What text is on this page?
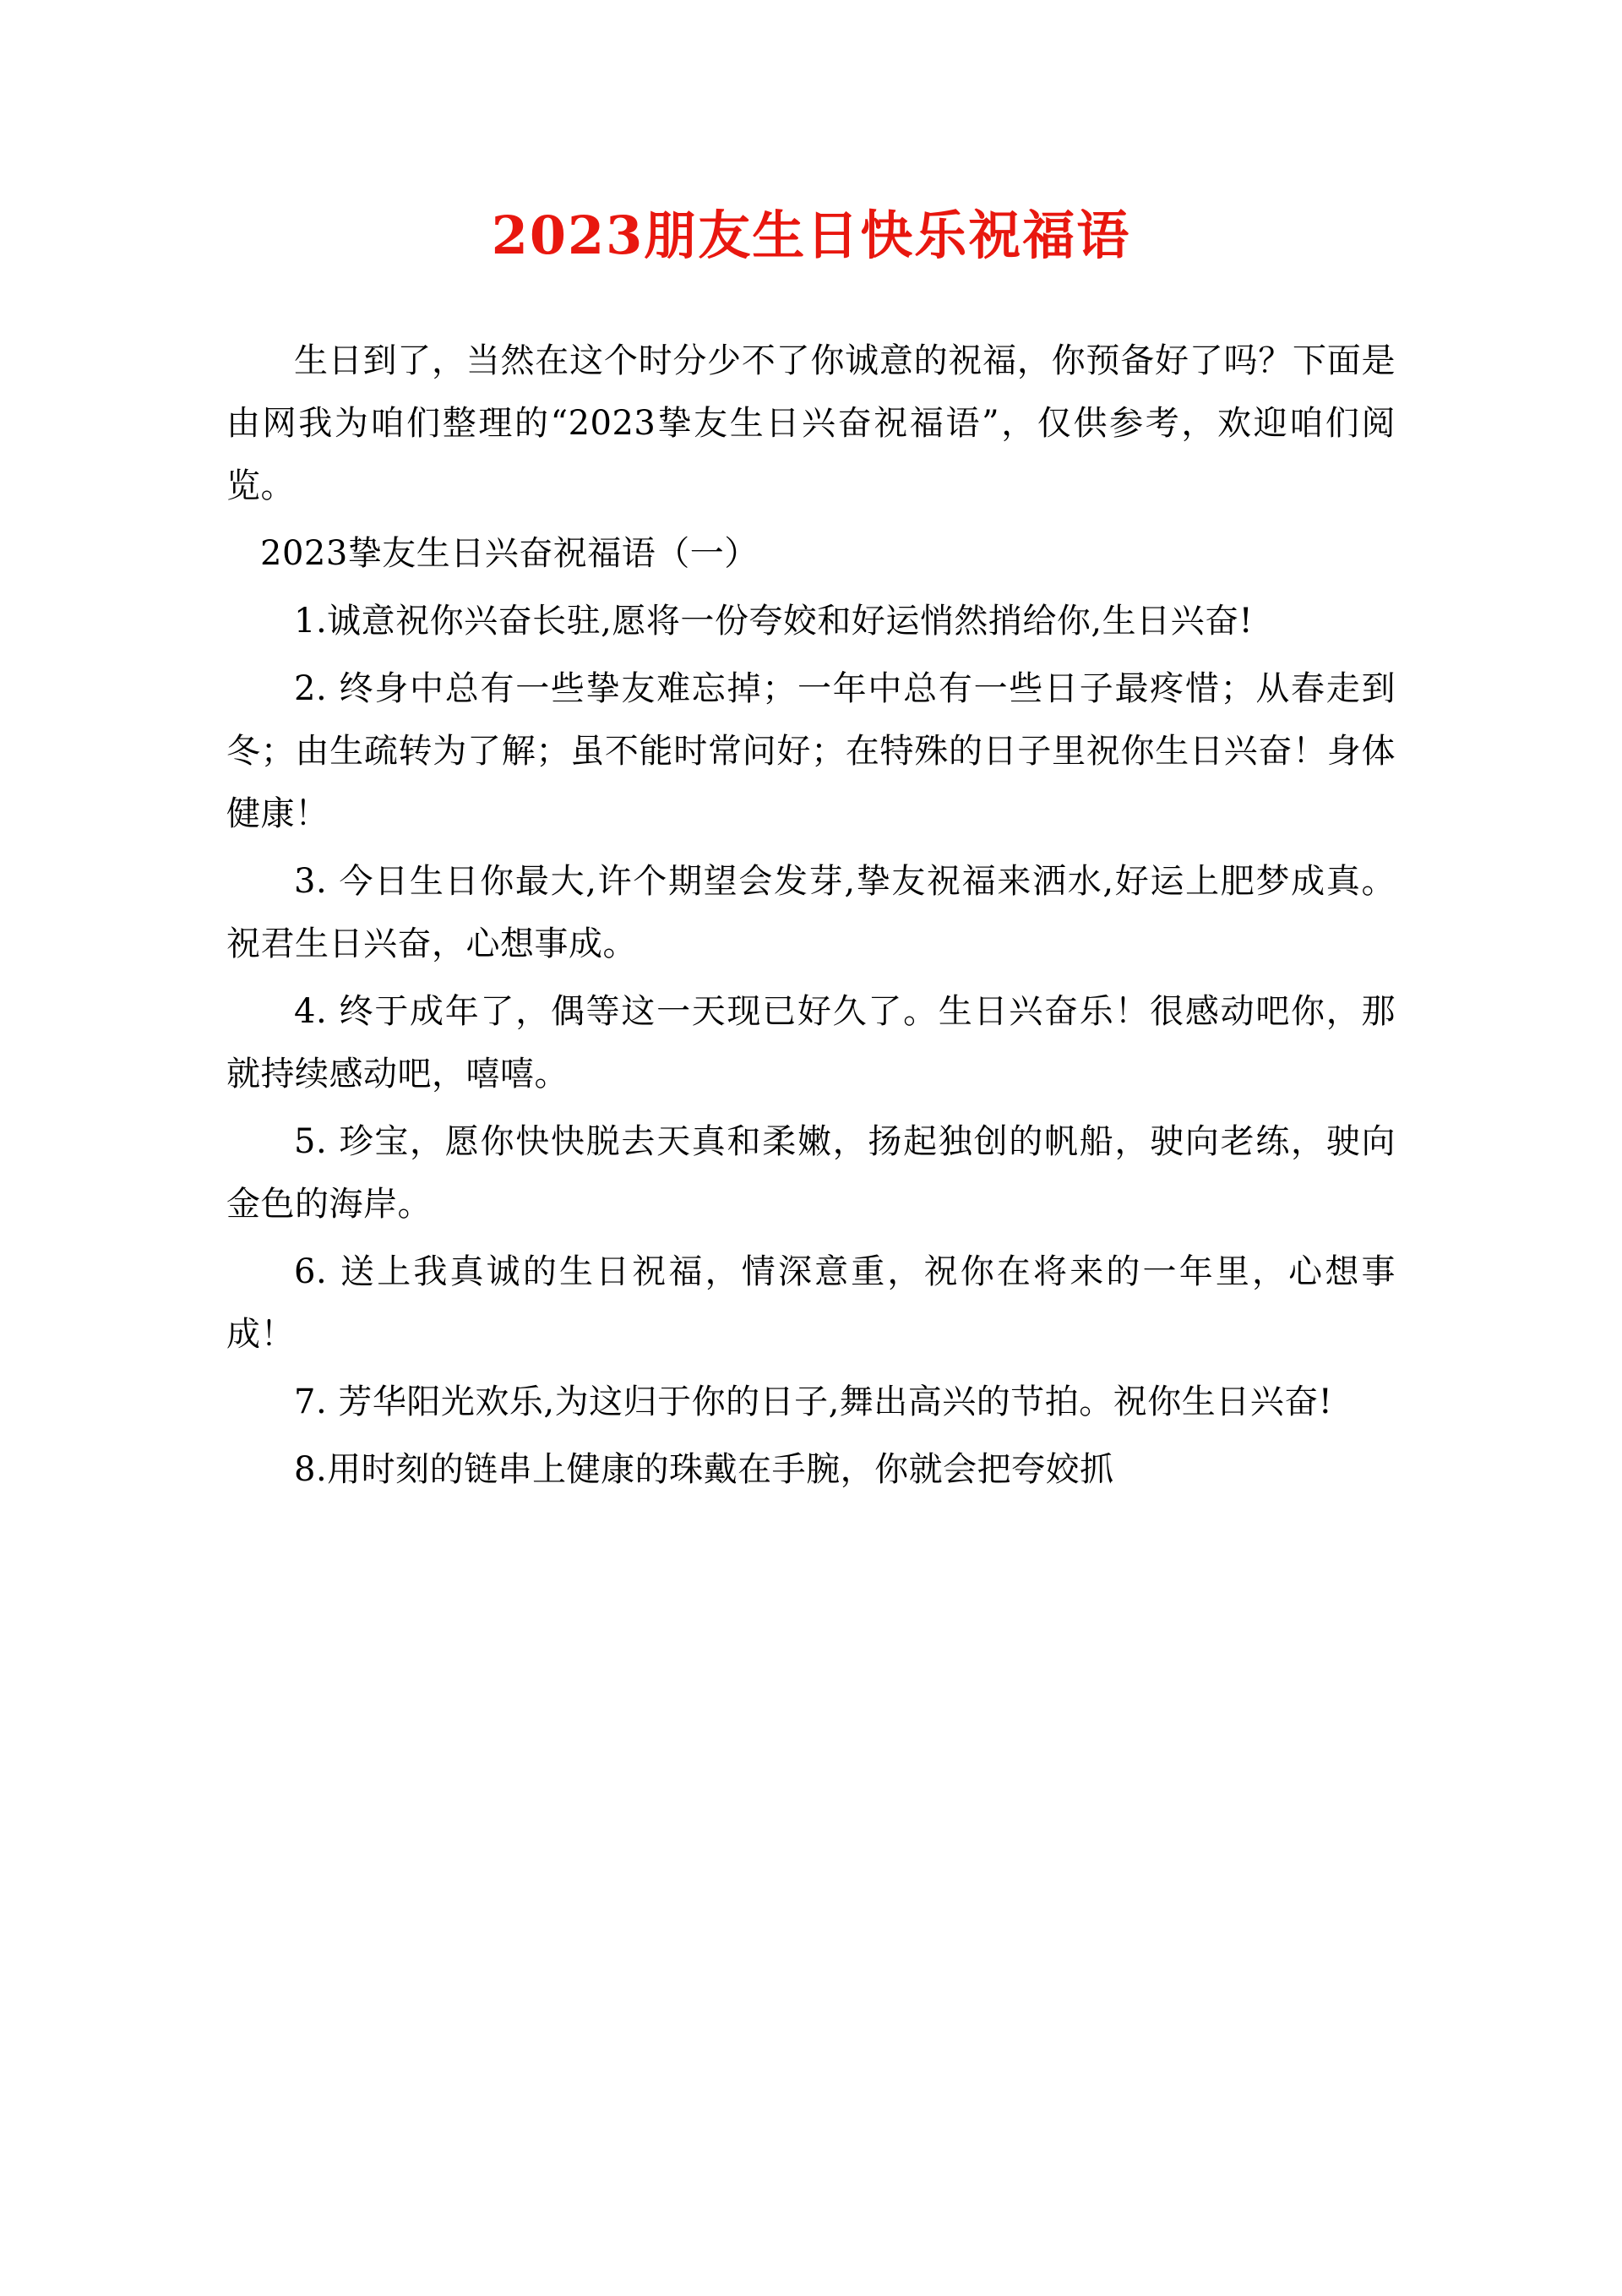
2023朋友生日快乐祝福语

生日到了，当然在这个时分少不了你诚意的祝福，你预备好了吗？下面是由网我为咱们整理的“2023挚友生日兴奋祝福语”，仅供参考，欢迎咱们阅览。

2023挚友生日兴奋祝福语（一）

1.诚意祝你兴奋长驻,愿将一份夸姣和好运悄然捎给你,生日兴奋!

2. 终身中总有一些挚友难忘掉；一年中总有一些日子最疼惜；从春走到冬；由生疏转为了解；虽不能时常问好；在特殊的日子里祝你生日兴奋！身体健康！

3. 今日生日你最大,许个期望会发芽,挚友祝福来洒水,好运上肥梦成真。祝君生日兴奋，心想事成。

4. 终于成年了，偶等这一天现已好久了。生日兴奋乐！很感动吧你，那就持续感动吧，嘻嘻。

5. 珍宝，愿你快快脱去天真和柔嫩，扬起独创的帆船，驶向老练，驶向金色的海岸。

6. 送上我真诚的生日祝福，情深意重，祝你在将来的一年里，心想事成！

7. 芳华阳光欢乐,为这归于你的日子,舞出高兴的节拍。祝你生日兴奋!

8.用时刻的链串上健康的珠戴在手腕，你就会把夸姣抓
